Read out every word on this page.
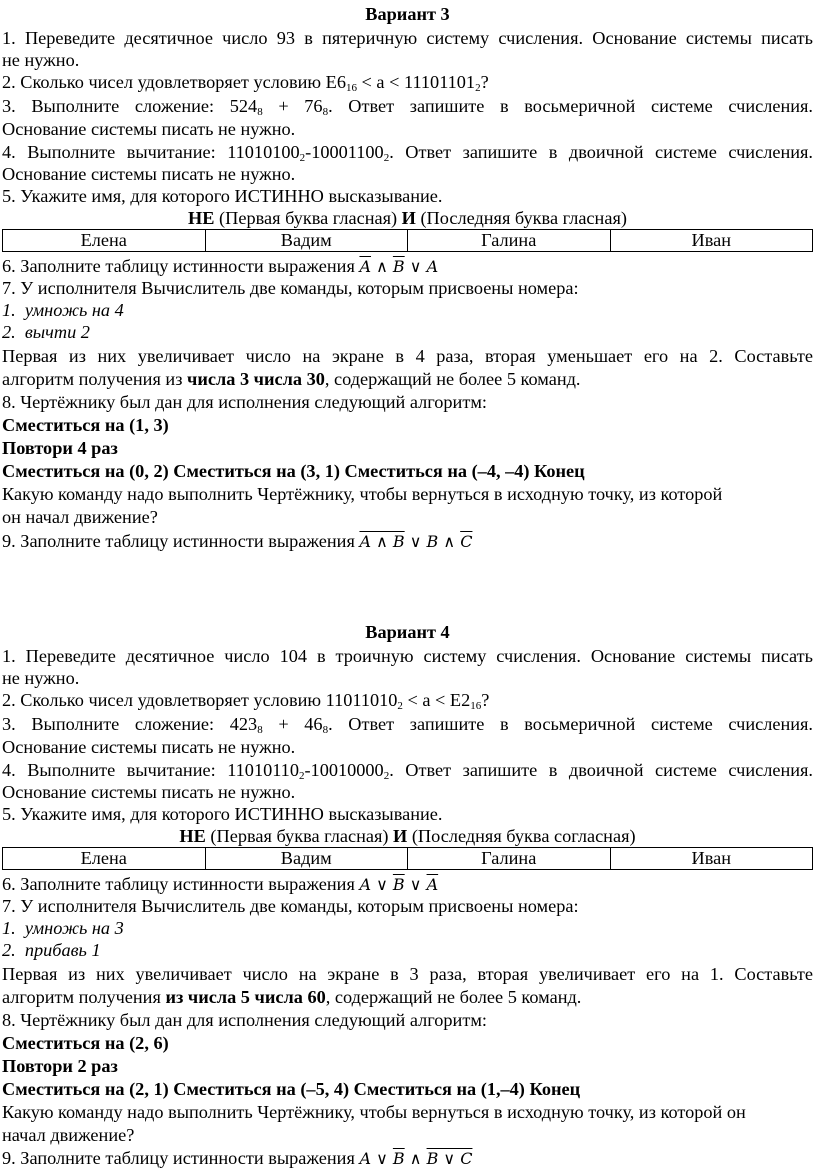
Вариант 3
1. Переведите десятичное число 93 в пятеричную систему счисления. Основание системы писать
не нужно.
2. Сколько чисел удовлетворяет условию $E6_{16} < a < 11101101_2$?
3. Выполните сложение: $524_8 + 76_8$. Ответ запишите в восьмеричной системе счисления.
Основание системы писать не нужно.
4. Выполните вычитание: $11010100_2-10001100_2$. Ответ запишите в двоичной системе счисления.
Основание системы писать не нужно.
5. Укажите имя, для которого ИСТИННО высказывание.
НЕ (Первая буква гласная) И (Последняя буква гласная)
Елена	Вадим	Галина	Иван
6. Заполните таблицу истинности выражения $\overline{A}$ ∧ $\overline{B}$ ∨ A
7. У исполнителя Вычислитель две команды, которым присвоены номера:
1. умножь на 4
2. вычти 2
Первая из них увеличивает число на экране в 4 раза, вторая уменьшает его на 2. Составьте
алгоритм получения из числа 3 числа 30, содержащий не более 5 команд.
8. Чертёжнику был дан для исполнения следующий алгоритм:
Сместиться на (1, 3)
Повтори 4 раз
Сместиться на (0, 2) Сместиться на (3, 1) Сместиться на (–4, –4) Конец
Какую команду надо выполнить Чертёжнику, чтобы вернуться в исходную точку, из которой
он начал движение?
9. Заполните таблицу истинности выражения A ∧ B ∨ B ∧ $\overline{C}$
Вариант 4
1. Переведите десятичное число 104 в троичную систему счисления. Основание системы писать
не нужно.
2. Сколько чисел удовлетворяет условию $11011010_2 < a < E2_{16}$?
3. Выполните сложение: $423_8 + 46_8$. Ответ запишите в восьмеричной системе счисления.
Основание системы писать не нужно.
4. Выполните вычитание: $11010110_2-10010000_2$. Ответ запишите в двоичной системе счисления.
Основание системы писать не нужно.
5. Укажите имя, для которого ИСТИННО высказывание.
НЕ (Первая буква гласная) И (Последняя буква согласная)
Елена	Вадим	Галина	Иван
6. Заполните таблицу истинности выражения A ∨ $\overline{B}$ ∨ $\overline{A}$
7. У исполнителя Вычислитель две команды, которым присвоены номера:
1. умножь на 3
2. прибавь 1
Первая из них увеличивает число на экране в 3 раза, вторая увеличивает его на 1. Составьте
алгоритм получения из числа 5 числа 60, содержащий не более 5 команд.
8. Чертёжнику был дан для исполнения следующий алгоритм:
Сместиться на (2, 6)
Повтори 2 раз
Сместиться на (2, 1) Сместиться на (–5, 4) Сместиться на (1,–4) Конец
Какую команду надо выполнить Чертёжнику, чтобы вернуться в исходную точку, из которой он
начал движение?
9. Заполните таблицу истинности выражения A ∨ $\overline{B}$ ∧ B ∨ C
